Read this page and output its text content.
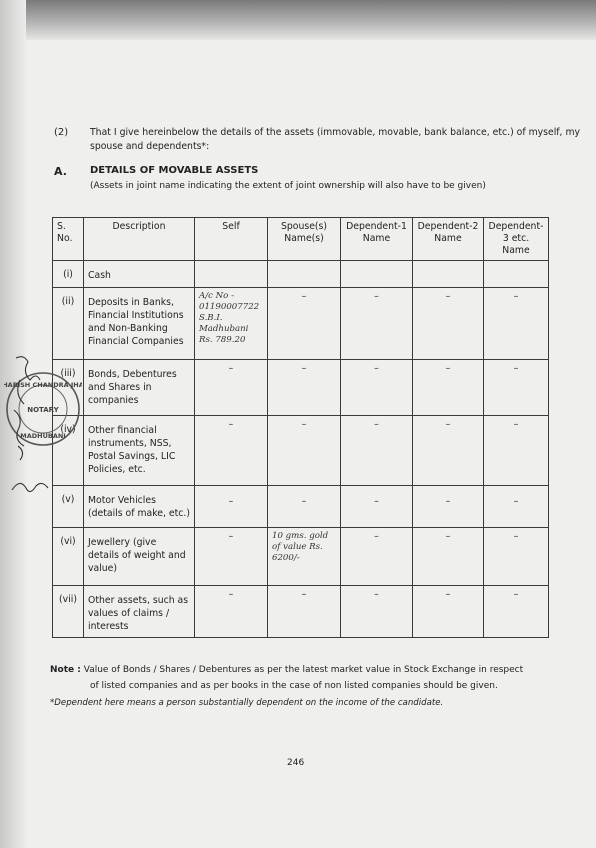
(2) That I give hereinbelow the details of the assets (immovable, movable, bank balance, etc.) of myself, my spouse and dependents*:
A. DETAILS OF MOVABLE ASSETS
(Assets in joint name indicating the extent of joint ownership will also have to be given)
S. No.	Description	Self	Spouse(s) Name(s)	Dependent-1 Name	Dependent-2 Name	Dependent-3 etc. Name
(i)	Cash					
(ii)	Deposits in Banks, Financial Institutions and Non-Banking Financial Companies	A/c No - 01190007722 S.B.I. Madhubani Rs. 789.20	–	–	–	–
(iii)	Bonds, Debentures and Shares in companies	–	–	–	–	–
(iv)	Other financial instruments, NSS, Postal Savings, LIC Policies, etc.	–	–	–	–	–
(v)	Motor Vehicles (details of make, etc.)	–	–	–	–	–
(vi)	Jewellery (give details of weight and value)	–	10 gms. gold of value Rs. 6200/-	–	–	–
(vii)	Other assets, such as values of claims / interests	–	–	–	–	–
Note : Value of Bonds / Shares / Debentures as per the latest market value in Stock Exchange in respect
of listed companies and as per books in the case of non listed companies should be given.
*Dependent here means a person substantially dependent on the income of the candidate.
246
HARISH CHANDRA JHA
NOTARY
MADHUBANI
